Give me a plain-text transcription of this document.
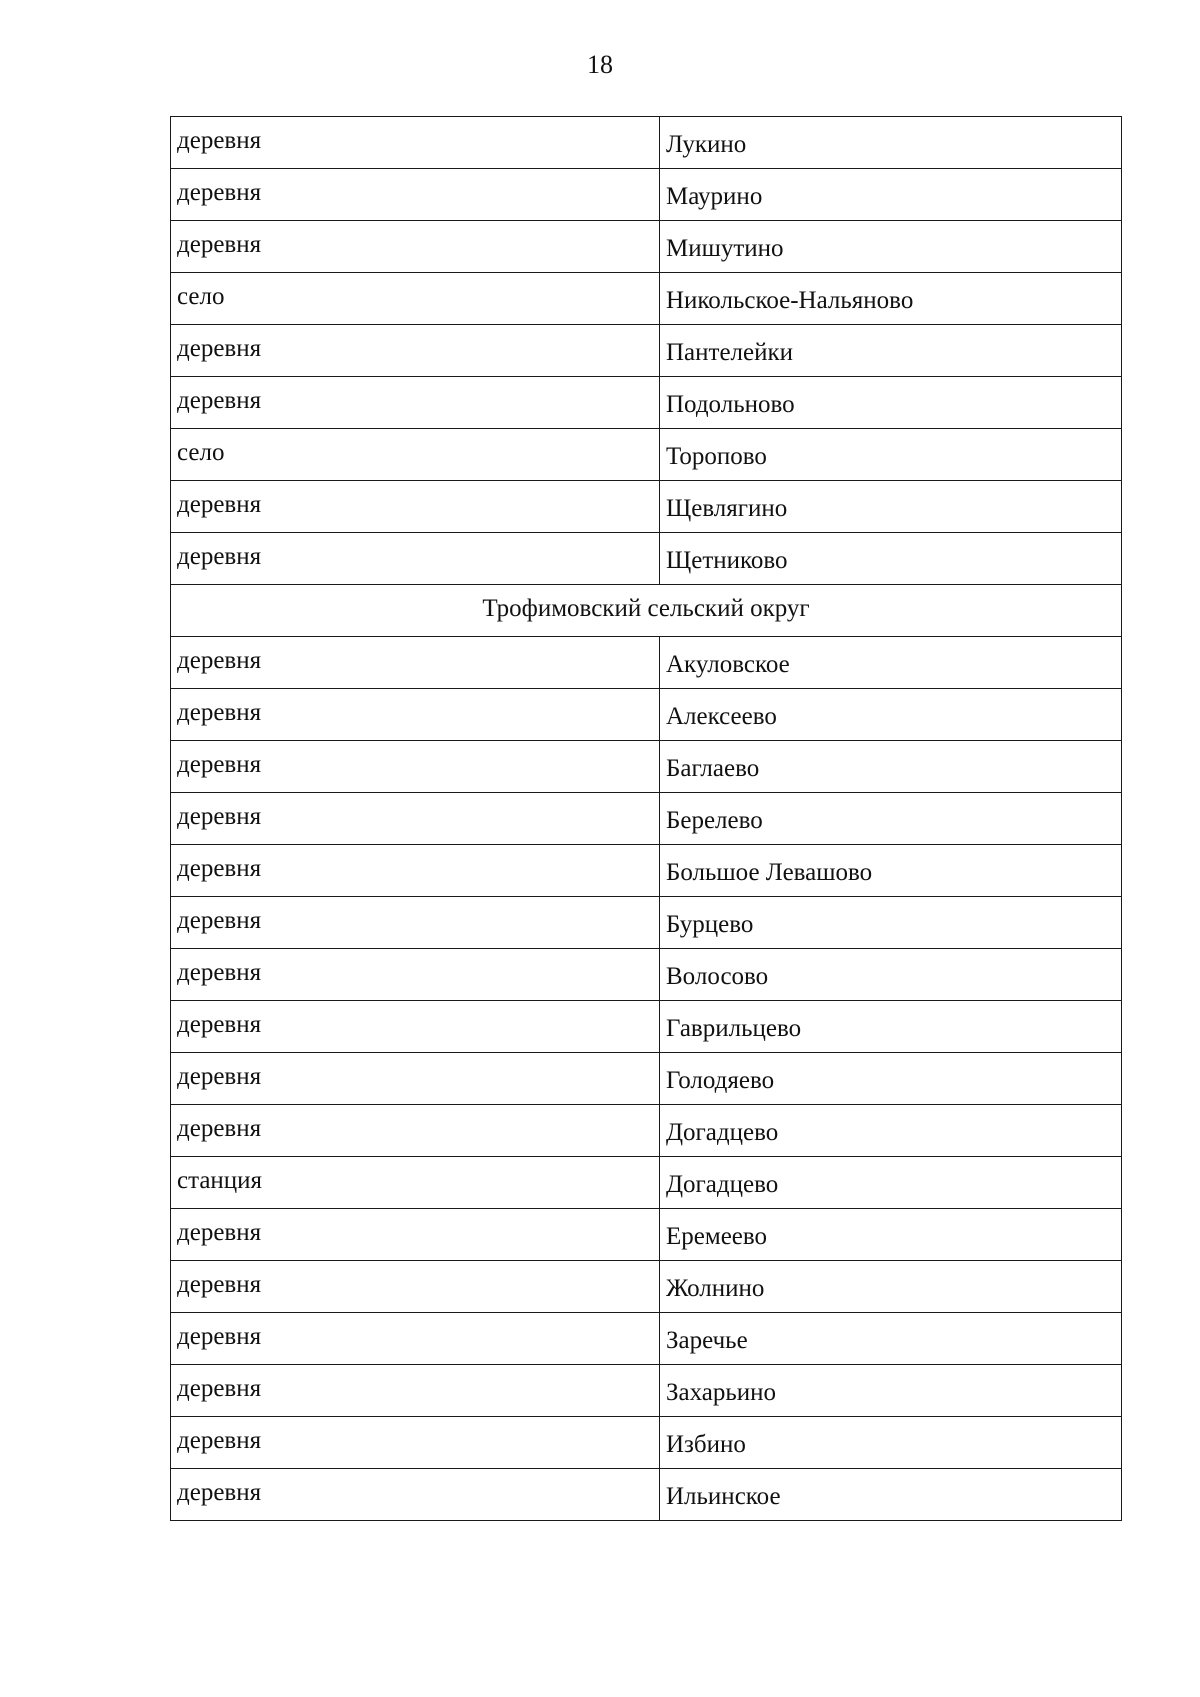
18
деревня	Лукино
деревня	Маурино
деревня	Мишутино
село	Никольское-Нальяново
деревня	Пантелейки
деревня	Подольново
село	Торопово
деревня	Щевлягино
деревня	Щетниково
Трофимовский сельский округ	
деревня	Акуловское
деревня	Алексеево
деревня	Баглаево
деревня	Берелево
деревня	Большое Левашово
деревня	Бурцево
деревня	Волосово
деревня	Гаврильцево
деревня	Голодяево
деревня	Догадцево
станция	Догадцево
деревня	Еремеево
деревня	Жолнино
деревня	Заречье
деревня	Захарьино
деревня	Избино
деревня	Ильинское
